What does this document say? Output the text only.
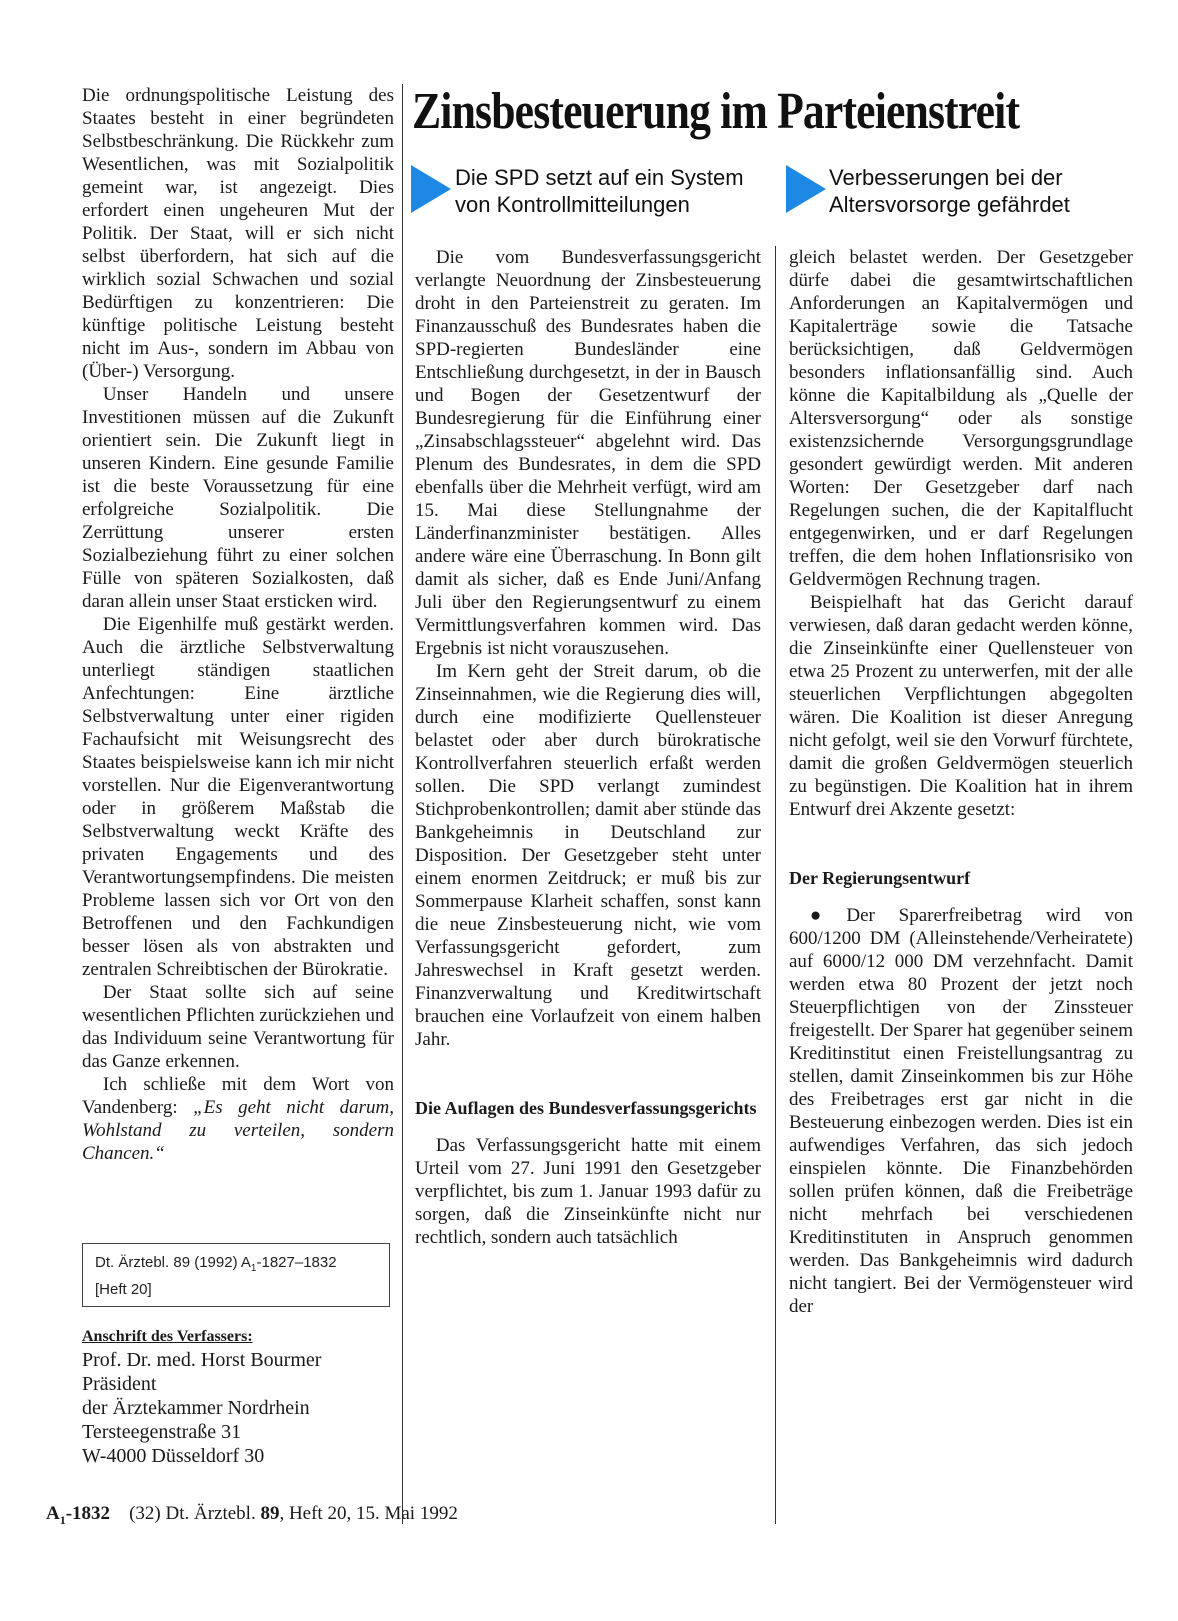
Die ordnungspolitische Leistung des Staates besteht in einer begründeten Selbstbeschränkung. Die Rückkehr zum Wesentlichen, was mit Sozialpolitik gemeint war, ist angezeigt. Dies erfordert einen ungeheuren Mut der Politik. Der Staat, will er sich nicht selbst überfordern, hat sich auf die wirklich sozial Schwachen und sozial Bedürftigen zu konzentrieren: Die künftige politische Leistung besteht nicht im Aus-, sondern im Abbau von (Über-) Versorgung.

Unser Handeln und unsere Investitionen müssen auf die Zukunft orientiert sein. Die Zukunft liegt in unseren Kindern. Eine gesunde Familie ist die beste Voraussetzung für eine erfolgreiche Sozialpolitik. Die Zerrüttung unserer ersten Sozialbeziehung führt zu einer solchen Fülle von späteren Sozialkosten, daß daran allein unser Staat ersticken wird.

Die Eigenhilfe muß gestärkt werden. Auch die ärztliche Selbstverwaltung unterliegt ständigen staatlichen Anfechtungen: Eine ärztliche Selbstverwaltung unter einer rigiden Fachaufsicht mit Weisungsrecht des Staates beispielsweise kann ich mir nicht vorstellen. Nur die Eigenverantwortung oder in größerem Maßstab die Selbstverwaltung weckt Kräfte des privaten Engagements und des Verantwortungsempfindens. Die meisten Probleme lassen sich vor Ort von den Betroffenen und den Fachkundigen besser lösen als von abstrakten und zentralen Schreibtischen der Bürokratie.

Der Staat sollte sich auf seine wesentlichen Pflichten zurückziehen und das Individuum seine Verantwortung für das Ganze erkennen.

Ich schließe mit dem Wort von Vandenberg: „Es geht nicht darum, Wohlstand zu verteilen, sondern Chancen.“

Dt. Ärztebl. 89 (1992) $A_1-1827-1832$
[Heft 20]
Anschrift des Verfassers:
Prof. Dr. med. Horst Bourmer
Präsident
der Ärztekammer Nordrhein
Tersteegenstraße 31
W-4000 Düsseldorf 30
Zinsbesteuerung im Parteienstreit
Die SPD setzt auf ein System von Kontrollmitteilungen
Verbesserungen bei der Altersvorsorge gefährdet

Die vom Bundesverfassungsgericht verlangte Neuordnung der Zinsbesteuerung droht in den Parteienstreit zu geraten. Im Finanzausschuß des Bundesrates haben die SPD-regierten Bundesländer eine Entschließung durchgesetzt, in der in Bausch und Bogen der Gesetzentwurf der Bundesregierung für die Einführung einer „Zinsabschlagssteuer“ abgelehnt wird. Das Plenum des Bundesrates, in dem die SPD ebenfalls über die Mehrheit verfügt, wird am 15. Mai diese Stellungnahme der Länderfinanzminister bestätigen. Alles andere wäre eine Überraschung. In Bonn gilt damit als sicher, daß es Ende Juni/Anfang Juli über den Regierungsentwurf zu einem Vermittlungsverfahren kommen wird. Das Ergebnis ist nicht vorauszusehen.

Im Kern geht der Streit darum, ob die Zinseinnahmen, wie die Regierung dies will, durch eine modifizierte Quellensteuer belastet oder aber durch bürokratische Kontrollverfahren steuerlich erfaßt werden sollen. Die SPD verlangt zumindest Stichprobenkontrollen; damit aber stünde das Bankgeheimnis in Deutschland zur Disposition. Der Gesetzgeber steht unter einem enormen Zeitdruck; er muß bis zur Sommerpause Klarheit schaffen, sonst kann die neue Zinsbesteuerung nicht, wie vom Verfassungsgericht gefordert, zum Jahreswechsel in Kraft gesetzt werden. Finanzverwaltung und Kreditwirtschaft brauchen eine Vorlaufzeit von einem halben Jahr.

Die Auflagen des Bundesverfassungsgerichts

Das Verfassungsgericht hatte mit einem Urteil vom 27. Juni 1991 den Gesetzgeber verpflichtet, bis zum 1. Januar 1993 dafür zu sorgen, daß die Zinseinkünfte nicht nur rechtlich, sondern auch tatsächlich

gleich belastet werden. Der Gesetzgeber dürfe dabei die gesamtwirtschaftlichen Anforderungen an Kapitalvermögen und Kapitalerträge sowie die Tatsache berücksichtigen, daß Geldvermögen besonders inflationsanfällig sind. Auch könne die Kapitalbildung als „Quelle der Altersversorgung“ oder als sonstige existenzsichernde Versorgungsgrundlage gesondert gewürdigt werden. Mit anderen Worten: Der Gesetzgeber darf nach Regelungen suchen, die der Kapitalflucht entgegenwirken, und er darf Regelungen treffen, die dem hohen Inflationsrisiko von Geldvermögen Rechnung tragen.

Beispielhaft hat das Gericht darauf verwiesen, daß daran gedacht werden könne, die Zinseinkünfte einer Quellensteuer von etwa 25 Prozent zu unterwerfen, mit der alle steuerlichen Verpflichtungen abgegolten wären. Die Koalition ist dieser Anregung nicht gefolgt, weil sie den Vorwurf fürchtete, damit die großen Geldvermögen steuerlich zu begünstigen. Die Koalition hat in ihrem Entwurf drei Akzente gesetzt:

Der Regierungsentwurf

● Der Sparerfreibetrag wird von 600/1200 DM (Alleinstehende/Verheiratete) auf 6000/12 000 DM verzehnfacht. Damit werden etwa 80 Prozent der jetzt noch Steuerpflichtigen von der Zinssteuer freigestellt. Der Sparer hat gegenüber seinem Kreditinstitut einen Freistellungsantrag zu stellen, damit Zinseinkommen bis zur Höhe des Freibetrages erst gar nicht in die Besteuerung einbezogen werden. Dies ist ein aufwendiges Verfahren, das sich jedoch einspielen könnte. Die Finanzbehörden sollen prüfen können, daß die Freibeträge nicht mehrfach bei verschiedenen Kreditinstituten in Anspruch genommen werden. Das Bankgeheimnis wird dadurch nicht tangiert. Bei der Vermögensteuer wird der

$A_1-1832$ (32) Dt. Ärztebl. 89, Heft 20, 15. Mai 1992
